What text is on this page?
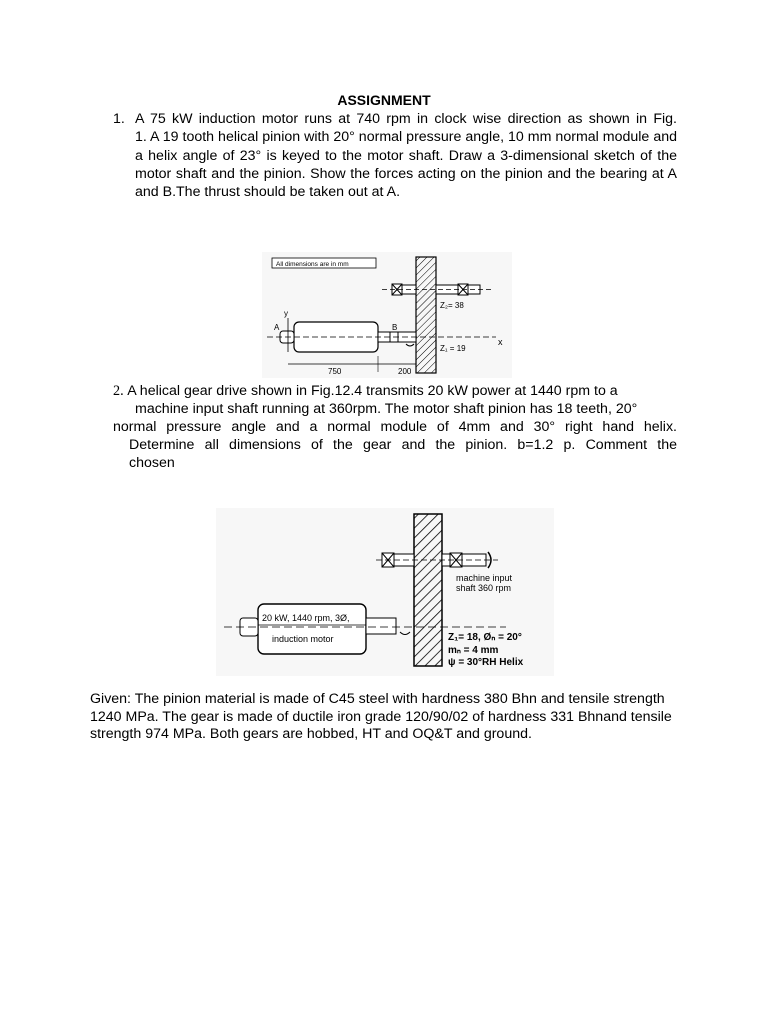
ASSIGNMENT
1. A 75 kW induction motor runs at 740 rpm in clock wise direction as shown in Fig.
1. A 19 tooth helical pinion with 20° normal pressure angle, 10 mm normal module and a helix angle of 23° is keyed to the motor shaft. Draw a 3-dimensional sketch of the motor shaft and the pinion. Show the forces acting on the pinion and the bearing at A and B.The thrust should be taken out at A.
All dimensions are in mm
Z₂= 38
y
A	B
x
Z₁ = 19
750	200
2. A helical gear drive shown in Fig.12.4 transmits 20 kW power at 1440 rpm to a
machine input shaft running at 360rpm. The motor shaft pinion has 18 teeth, 20°
normal pressure angle and a normal module of 4mm and 30° right hand helix.
Determine all dimensions of the gear and the pinion. b=1.2 p. Comment the
chosen
machine input
shaft 360 rpm
20 kW, 1440 rpm, 3Ø,
induction motor	Z₁= 18, Øₙ = 20°
mₙ = 4 mm
ψ = 30°RH Helix
Given: The pinion material is made of C45 steel with hardness 380 Bhn and tensile strength 1240 MPa. The gear is made of ductile iron grade 120/90/02 of hardness 331 Bhnand tensile strength 974 MPa. Both gears are hobbed, HT and OQ&T and ground.
